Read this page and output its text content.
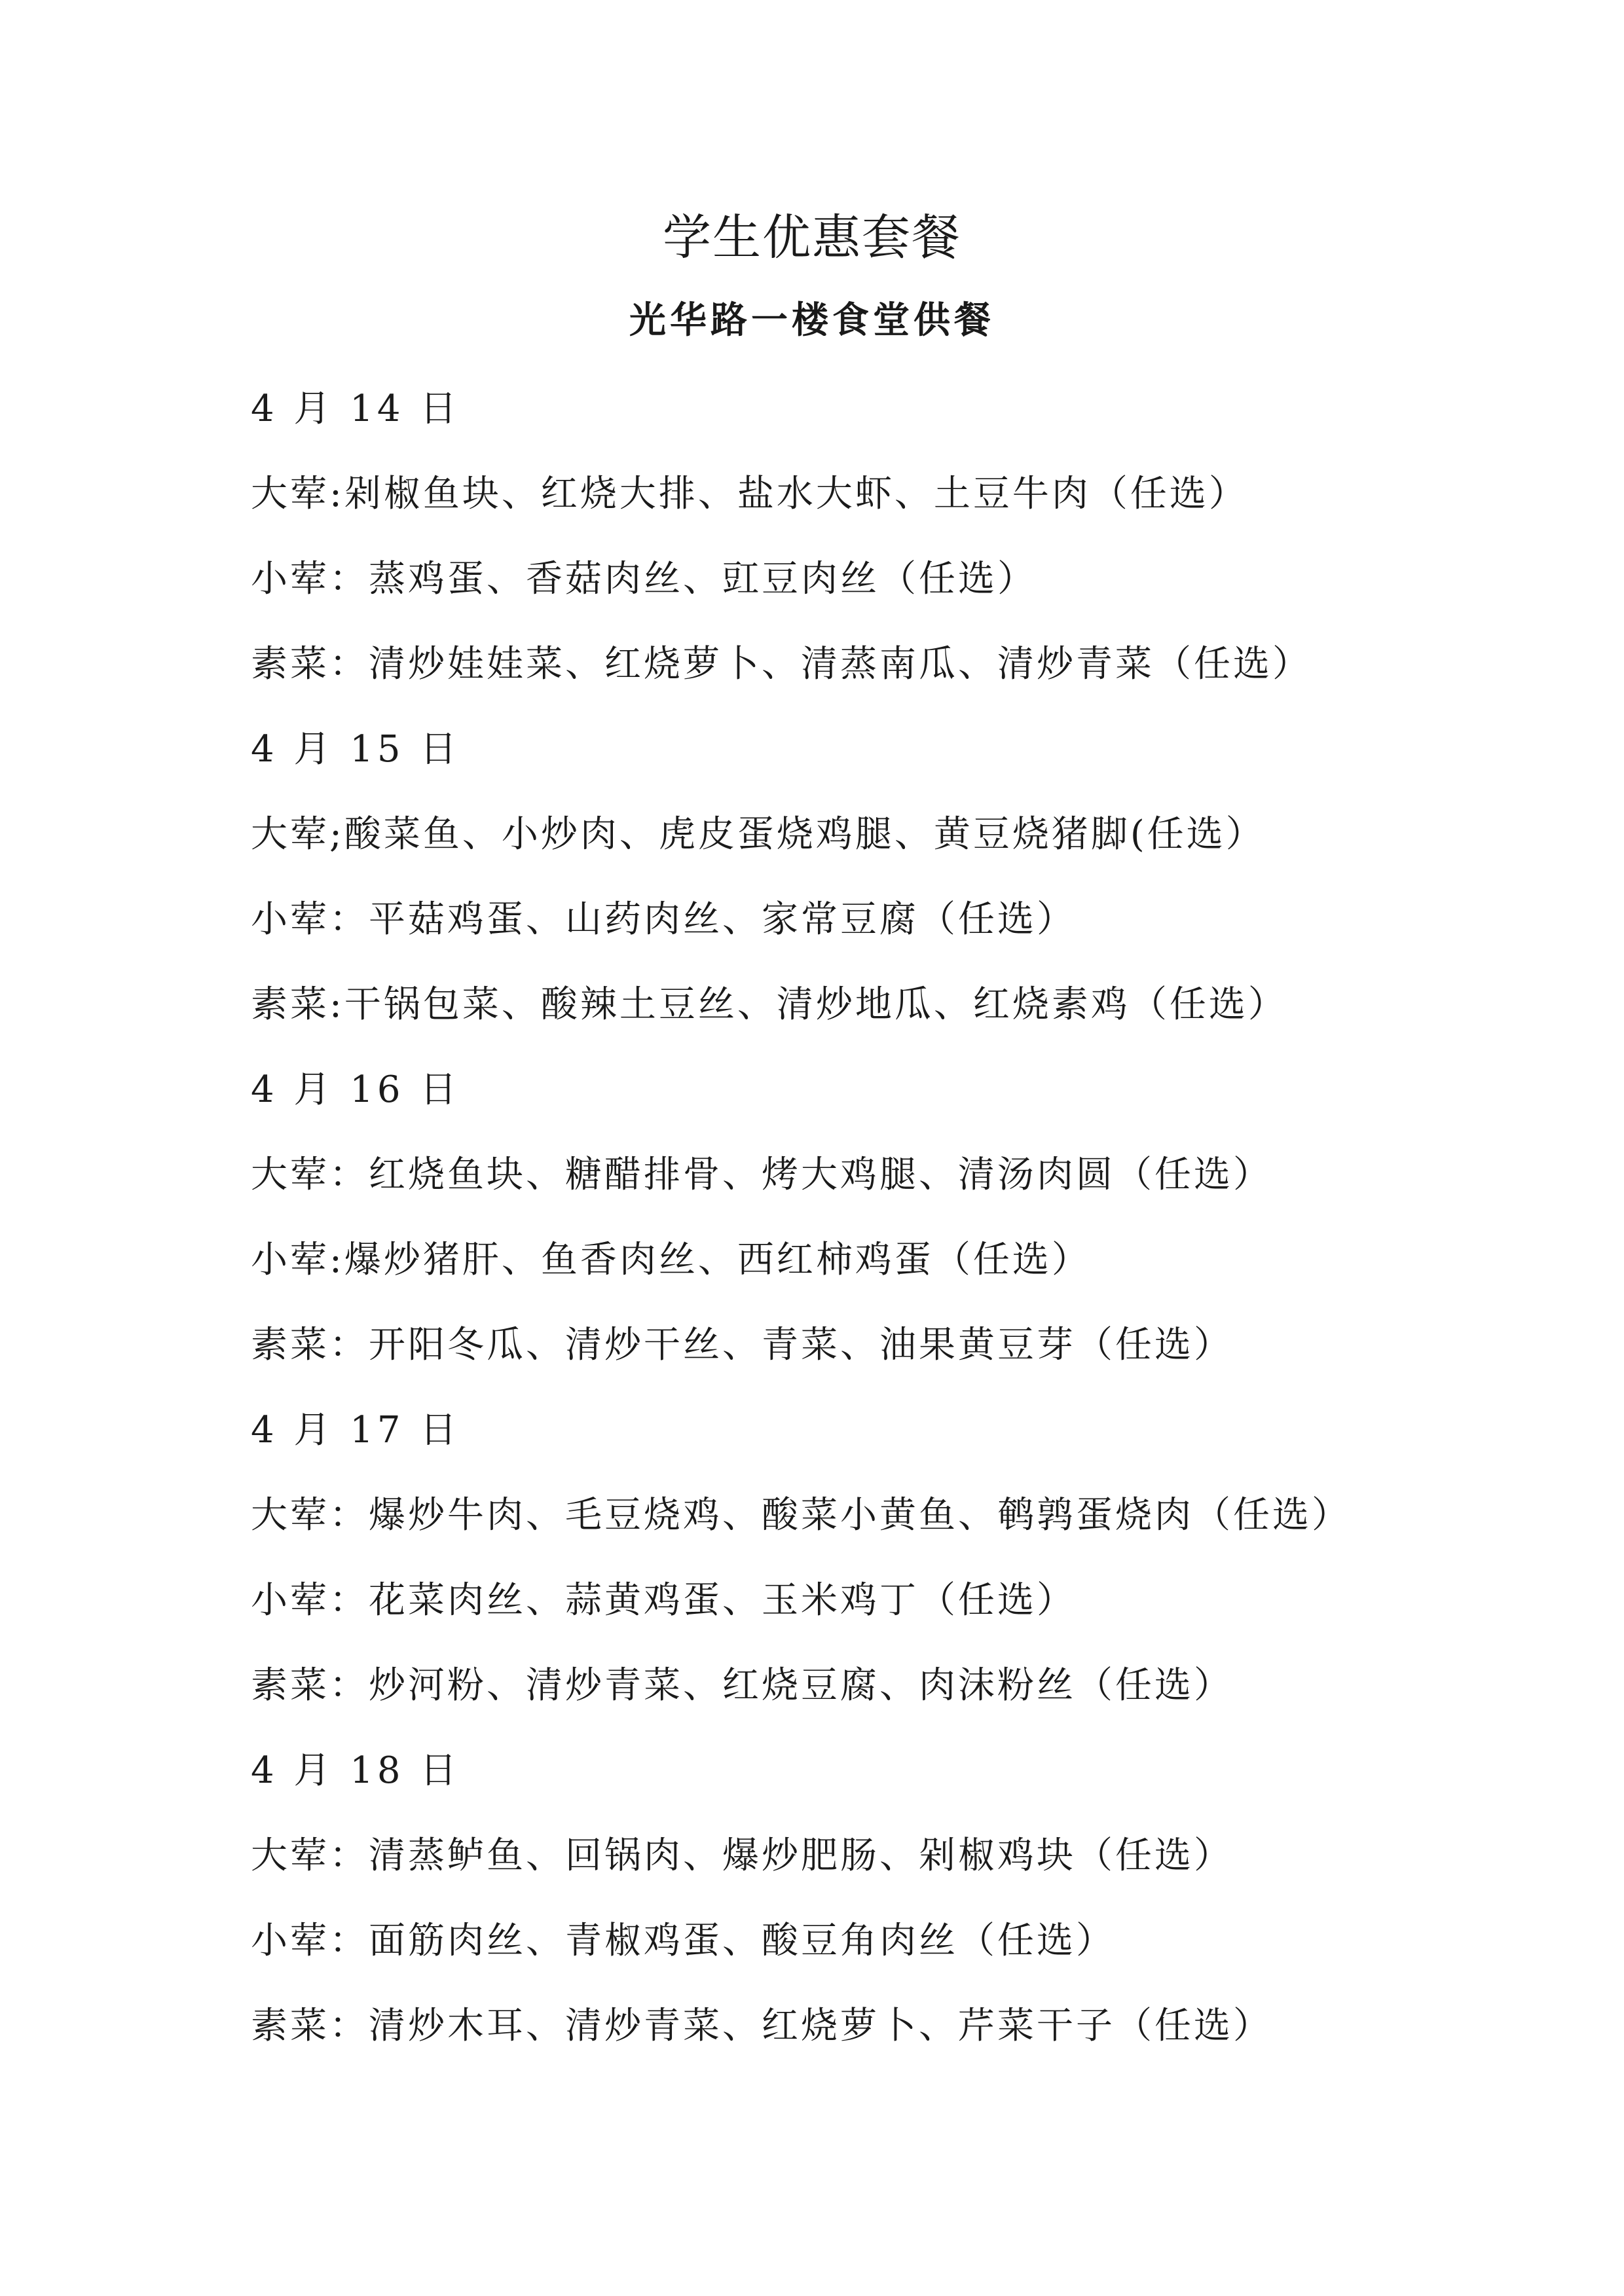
学生优惠套餐
光华路一楼食堂供餐
4 月 14 日
大荤:剁椒鱼块、红烧大排、盐水大虾、土豆牛肉（任选）
小荤：蒸鸡蛋、香菇肉丝、豇豆肉丝（任选）
素菜：清炒娃娃菜、红烧萝卜、清蒸南瓜、清炒青菜（任选）
4 月 15 日
大荤;酸菜鱼、小炒肉、虎皮蛋烧鸡腿、黄豆烧猪脚(任选）
小荤：平菇鸡蛋、山药肉丝、家常豆腐（任选）
素菜:干锅包菜、酸辣土豆丝、清炒地瓜、红烧素鸡（任选）
4 月 16 日
大荤：红烧鱼块、糖醋排骨、烤大鸡腿、清汤肉圆（任选）
小荤:爆炒猪肝、鱼香肉丝、西红柿鸡蛋（任选）
素菜：开阳冬瓜、清炒干丝、青菜、油果黄豆芽（任选）
4 月 17 日
大荤：爆炒牛肉、毛豆烧鸡、酸菜小黄鱼、鹌鹑蛋烧肉（任选）
小荤：花菜肉丝、蒜黄鸡蛋、玉米鸡丁（任选）
素菜：炒河粉、清炒青菜、红烧豆腐、肉沫粉丝（任选）
4 月 18 日
大荤：清蒸鲈鱼、回锅肉、爆炒肥肠、剁椒鸡块（任选）
小荤：面筋肉丝、青椒鸡蛋、酸豆角肉丝（任选）
素菜：清炒木耳、清炒青菜、红烧萝卜、芹菜干子（任选）
